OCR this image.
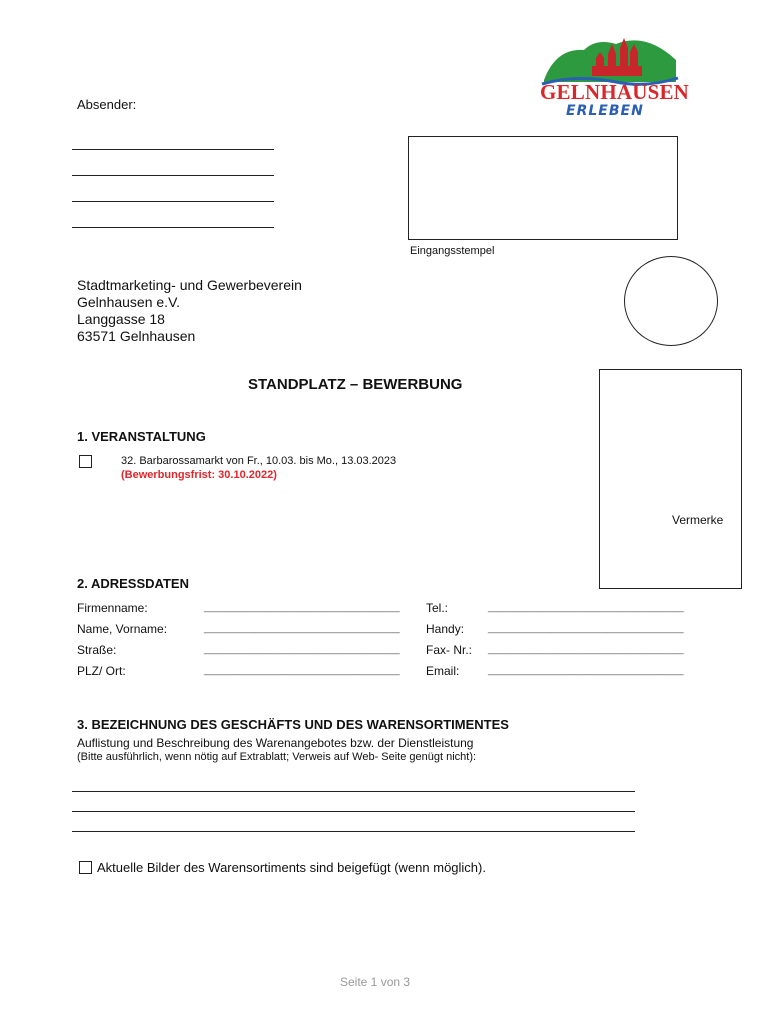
GELNHAUSEN
ERLEBEN
Absender:
Eingangsstempel
Stadtmarketing- und Gewerbeverein
Gelnhausen e.V.
Langgasse 18
63571 Gelnhausen
STANDPLATZ – BEWERBUNG
Vermerke
1. VERANSTALTUNG
32. Barbarossamarkt von Fr., 10.03. bis Mo., 13.03.2023
(Bewerbungsfrist: 30.10.2022)
2. ADRESSDATEN
Firmenname:
Name, Vorname:
Straße:
PLZ/ Ort:
_______________________________
_______________________________
_______________________________
_______________________________
Tel.:
Handy:
Fax- Nr.:
Email:
_______________________________
_______________________________
_______________________________
_______________________________
3. BEZEICHNUNG DES GESCHÄFTS UND DES WARENSORTIMENTES
Auflistung und Beschreibung des Warenangebotes bzw. der Dienstleistung
(Bitte ausführlich, wenn nötig auf Extrablatt; Verweis auf Web- Seite genügt nicht):
Aktuelle Bilder des Warensortiments sind beigefügt (wenn möglich).
Seite 1 von 3
